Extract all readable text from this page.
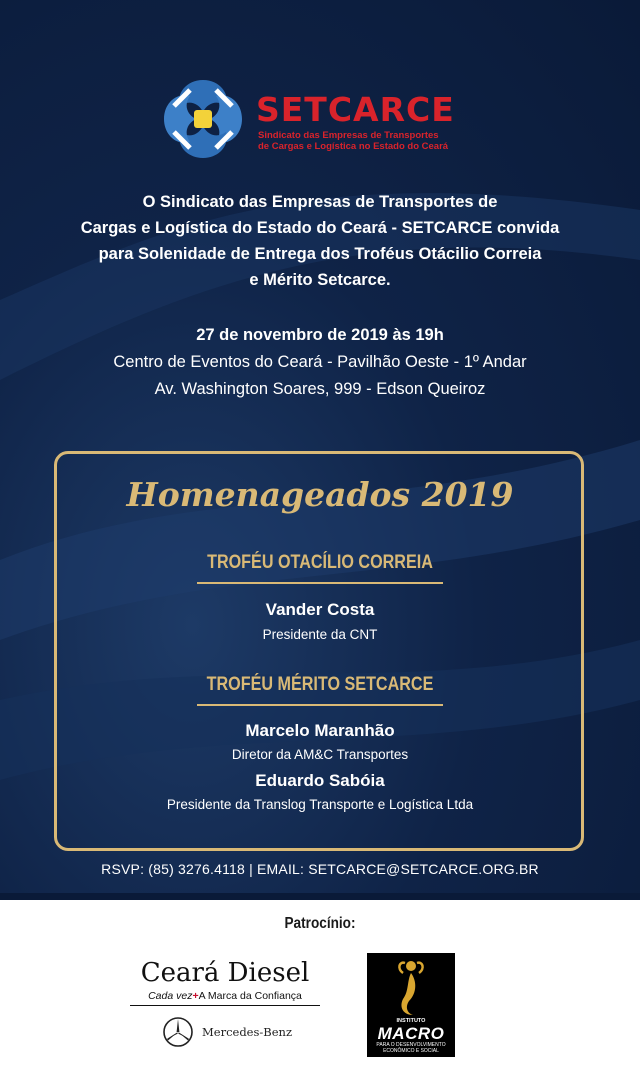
SETCARCE
Sindicato das Empresas de Transportes
de Cargas e Logística no Estado do Ceará
O Sindicato das Empresas de Transportes de
Cargas e Logística do Estado do Ceará - SETCARCE convida
para Solenidade de Entrega dos Troféus Otácilio Correia
e Mérito Setcarce.
27 de novembro de 2019 às 19h
Centro de Eventos do Ceará - Pavilhão Oeste - 1º Andar
Av. Washington Soares, 999 - Edson Queiroz
Homenageados 2019
TROFÉU OTACÍLIO CORREIA
Vander Costa
Presidente da CNT
TROFÉU MÉRITO SETCARCE
Marcelo Maranhão
Diretor da AM&C Transportes
Eduardo Sabóia
Presidente da Translog Transporte e Logística Ltda
RSVP: (85) 3276.4118 | EMAIL: SETCARCE@SETCARCE.ORG.BR
Patrocínio:
Ceará Diesel
Cada vez+A Marca da Confiança
Mercedes-Benz
INSTITUTO
MACRO
PARA O DESENVOLVIMENTO
ECONÔMICO E SOCIAL
